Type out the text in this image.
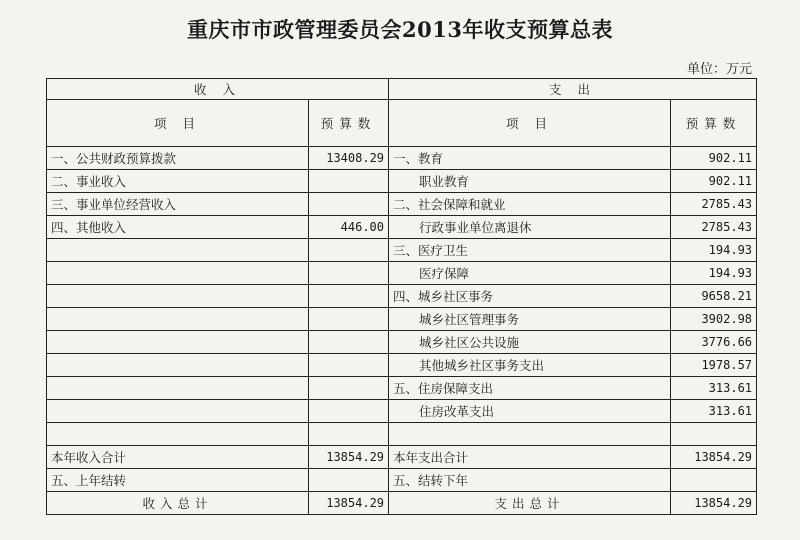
重庆市市政管理委员会2013年收支预算总表
单位：万元
收 入		支 出	
项 目	预算数	项 目	预算数
一、公共财政预算拨款	13408.29	一、教育	902.11
二、事业收入		职业教育	902.11
三、事业单位经营收入		二、社会保障和就业	2785.43
四、其他收入	446.00	行政事业单位离退休	2785.43
		三、医疗卫生	194.93
		医疗保障	194.93
		四、城乡社区事务	9658.21
		城乡社区管理事务	3902.98
		城乡社区公共设施	3776.66
		其他城乡社区事务支出	1978.57
		五、住房保障支出	313.61
		住房改革支出	313.61

本年收入合计	13854.29	本年支出合计	13854.29
五、上年结转		五、结转下年	
收入总计	13854.29	支出总计	13854.29
